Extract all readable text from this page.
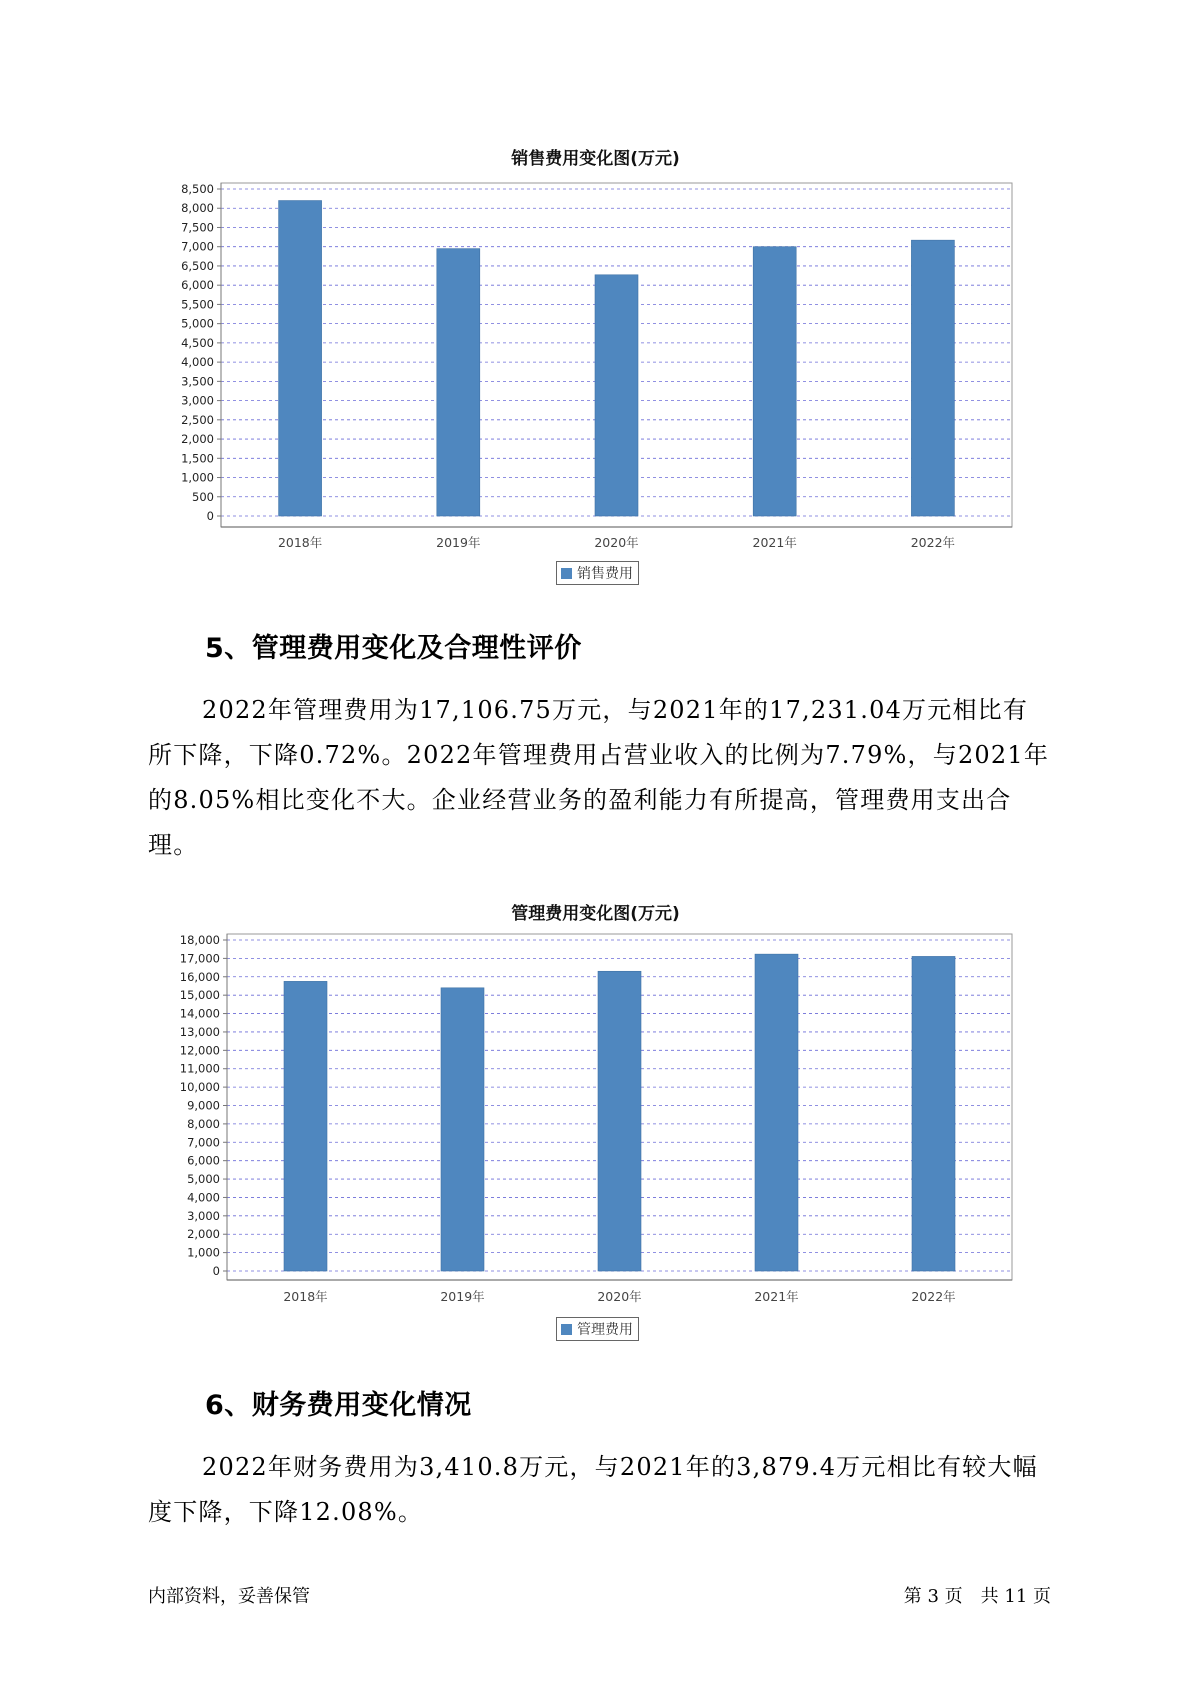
销售费用变化图(万元)
0
500
1,000
1,500
2,000
2,500
3,000
3,500
4,000
4,500
5,000
5,500
6,000
6,500
7,000
7,500
8,000
8,500
2018年	2019年	2020年	2021年	2022年
销售费用
5、管理费用变化及合理性评价
2022年管理费用为17,106.75万元，与2021年的17,231.04万元相比有所下降，下降0.72%。2022年管理费用占营业收入的比例为7.79%，与2021年的8.05%相比变化不大。企业经营业务的盈利能力有所提高，管理费用支出合理。
管理费用变化图(万元)
0
1,000
2,000
3,000
4,000
5,000
6,000
7,000
8,000
9,000
10,000
11,000
12,000
13,000
14,000
15,000
16,000
17,000
18,000
2018年	2019年	2020年	2021年	2022年
管理费用
6、财务费用变化情况
2022年财务费用为3,410.8万元，与2021年的3,879.4万元相比有较大幅度下降，下降12.08%。
内部资料，妥善保管	第 3 页　共 11 页
